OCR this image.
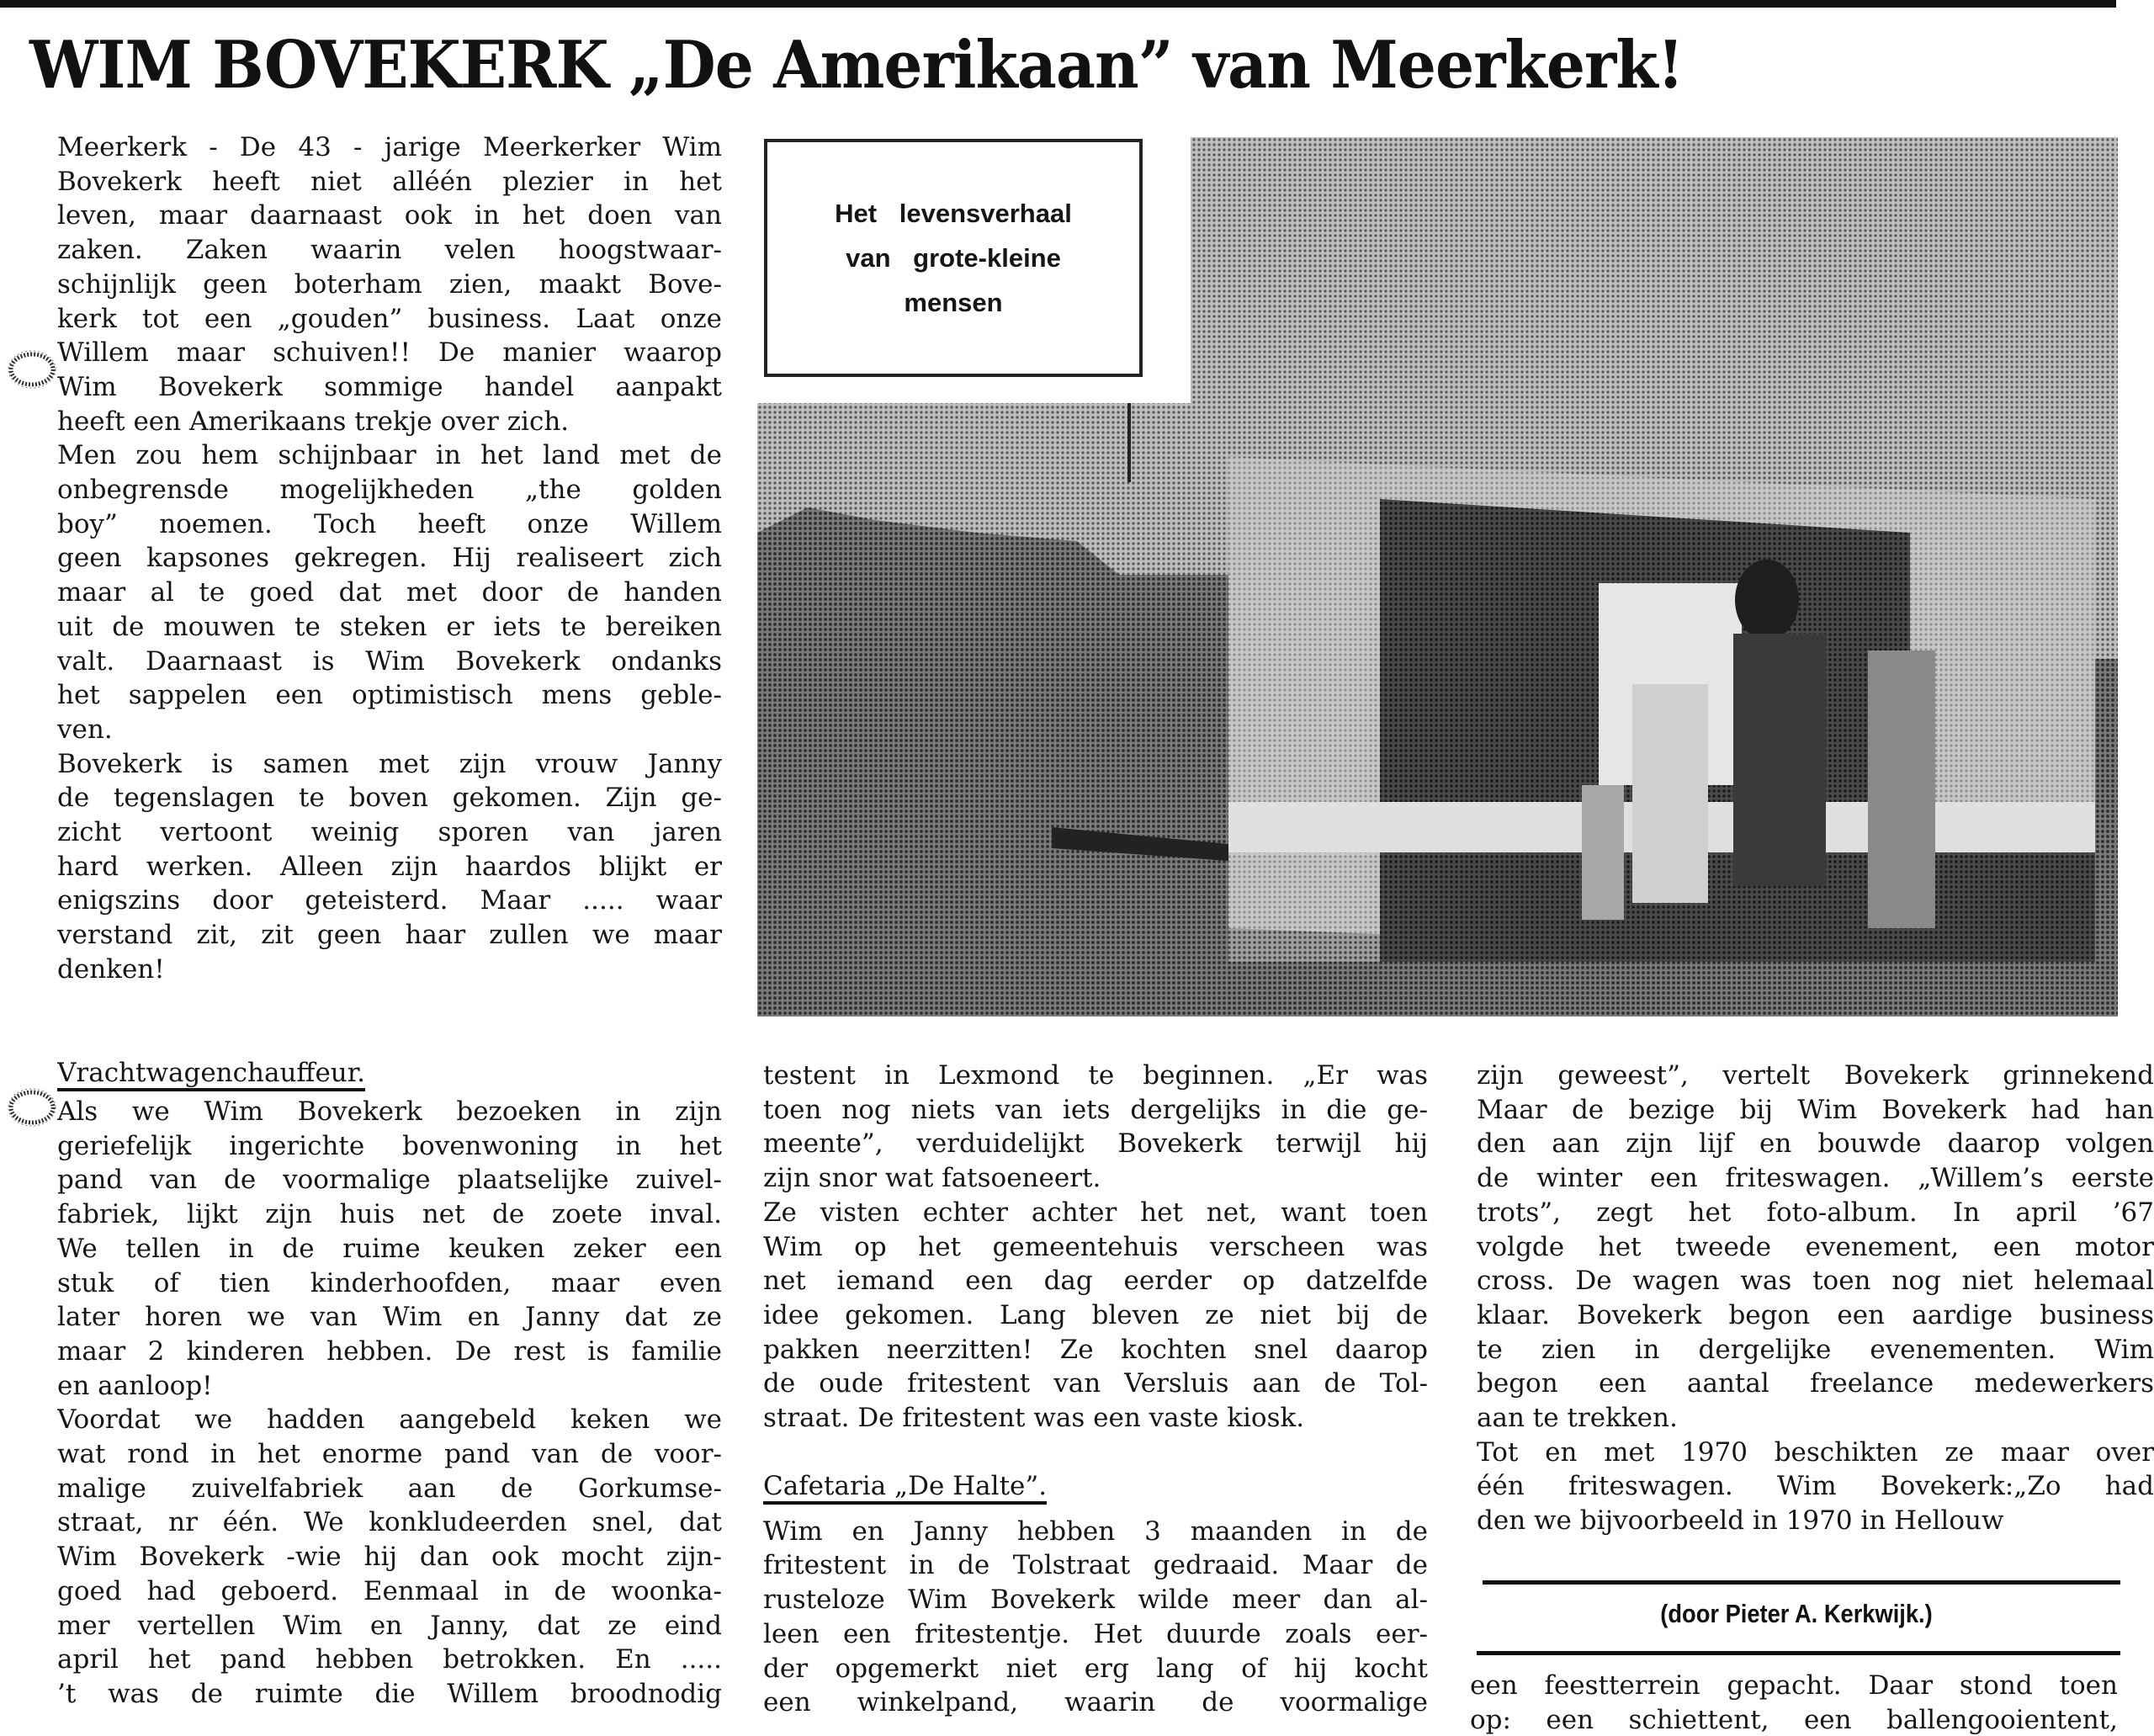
WIM BOVEKERK „De Amerikaan” van Meerkerk!
Het levensverhaal
van grote-kleine
mensen
Meerkerk - De 43 - jarige Meerkerker Wim
Bovekerk heeft niet alléén plezier in het
leven, maar daarnaast ook in het doen van
zaken. Zaken waarin velen hoogstwaar-
schijnlijk geen boterham zien, maakt Bove-
kerk tot een „gouden” business. Laat onze
Willem maar schuiven!! De manier waarop
Wim Bovekerk sommige handel aanpakt
heeft een Amerikaans trekje over zich.
Men zou hem schijnbaar in het land met de
onbegrensde mogelijkheden „the golden
boy” noemen. Toch heeft onze Willem
geen kapsones gekregen. Hij realiseert zich
maar al te goed dat met door de handen
uit de mouwen te steken er iets te bereiken
valt. Daarnaast is Wim Bovekerk ondanks
het sappelen een optimistisch mens geble-
ven.
Bovekerk is samen met zijn vrouw Janny
de tegenslagen te boven gekomen. Zijn ge-
zicht vertoont weinig sporen van jaren
hard werken. Alleen zijn haardos blijkt er
enigszins door geteisterd. Maar ..... waar
verstand zit, zit geen haar zullen we maar
denken!
Vrachtwagenchauffeur.
Als we Wim Bovekerk bezoeken in zijn
geriefelijk ingerichte bovenwoning in het
pand van de voormalige plaatselijke zuivel-
fabriek, lijkt zijn huis net de zoete inval.
We tellen in de ruime keuken zeker een
stuk of tien kinderhoofden, maar even
later horen we van Wim en Janny dat ze
maar 2 kinderen hebben. De rest is familie
en aanloop!
Voordat we hadden aangebeld keken we
wat rond in het enorme pand van de voor-
malige zuivelfabriek aan de Gorkumse-
straat, nr één. We konkludeerden snel, dat
Wim Bovekerk -wie hij dan ook mocht zijn-
goed had geboerd. Eenmaal in de woonka-
mer vertellen Wim en Janny, dat ze eind
april het pand hebben betrokken. En .....
’t was de ruimte die Willem broodnodig
testent in Lexmond te beginnen. „Er was
toen nog niets van iets dergelijks in die ge-
meente”, verduidelijkt Bovekerk terwijl hij
zijn snor wat fatsoeneert.
Ze visten echter achter het net, want toen
Wim op het gemeentehuis verscheen was
net iemand een dag eerder op datzelfde
idee gekomen. Lang bleven ze niet bij de
pakken neerzitten! Ze kochten snel daarop
de oude fritestent van Versluis aan de Tol-
straat. De fritestent was een vaste kiosk.
Cafetaria „De Halte”.
Wim en Janny hebben 3 maanden in de
fritestent in de Tolstraat gedraaid. Maar de
rusteloze Wim Bovekerk wilde meer dan al-
leen een fritestentje. Het duurde zoals eer-
der opgemerkt niet erg lang of hij kocht
een winkelpand, waarin de voormalige
zijn geweest”, vertelt Bovekerk grinnekend
Maar de bezige bij Wim Bovekerk had han
den aan zijn lijf en bouwde daarop volgen
de winter een friteswagen. „Willem’s eerste
trots”, zegt het foto-album. In april ’67
volgde het tweede evenement, een motor
cross. De wagen was toen nog niet helemaal
klaar. Bovekerk begon een aardige business
te zien in dergelijke evenementen. Wim
begon een aantal freelance medewerkers
aan te trekken.
Tot en met 1970 beschikten ze maar over
één friteswagen. Wim Bovekerk:„Zo had
den we bijvoorbeeld in 1970 in Hellouw
(door Pieter A. Kerkwijk.)
een feestterrein gepacht. Daar stond toen
op: een schiettent, een ballengooientent,
